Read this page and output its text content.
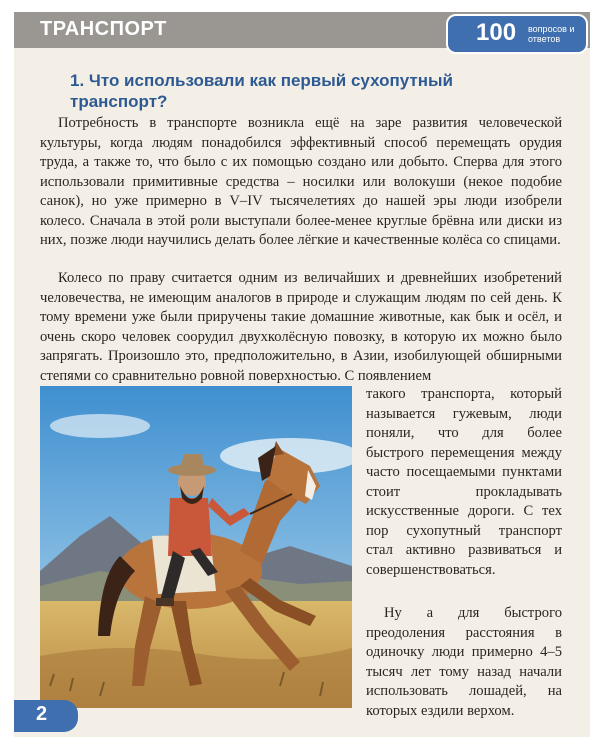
ТРАНСПОРТ	100 вопросов и ответов
1. Что использовали как первый сухопутный транспорт?
Потребность в транспорте возникла ещё на заре развития человеческой культуры, когда людям понадобился эффективный способ перемещать орудия труда, а также то, что было с их помощью создано или добыто. Сперва для этого использовали примитивные средства – носилки или волокуши (некое подобие санок), но уже примерно в V–IV тысячелетиях до нашей эры люди изобрели колесо. Сначала в этой роли выступали более-менее круглые брёвна или диски из них, позже люди научились делать более лёгкие и качественные колёса со спицами.
Колесо по праву считается одним из величайших и древнейших изобретений человечества, не имеющим аналогов в природе и служащим людям по сей день. К тому времени уже были приручены такие домашние животные, как бык и осёл, и очень скоро человек соорудил двухколёсную повозку, в которую их можно было запрягать. Произошло это, предположительно, в Азии, изобилующей обширными степями со сравнительно ровной поверхностью. С появлением
такого транспорта, который называется гужевым, люди поняли, что для более быстрого перемещения между часто посещаемыми пунктами стоит прокладывать искусственные дороги. С тех пор сухопутный транспорт стал активно развиваться и совершенствоваться.
Ну а для быстрого преодоления расстояния в одиночку люди примерно 4–5 тысяч лет тому назад начали использовать лошадей, на которых ездили верхом.
2
